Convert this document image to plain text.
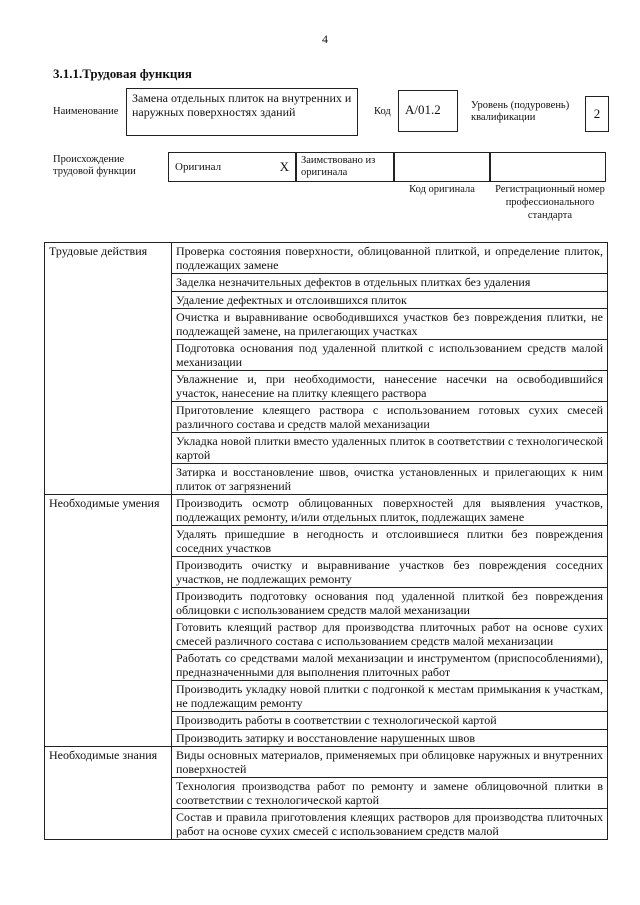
4
3.1.1.Трудовая функция
Наименование
Замена отдельных плиток на внутренних и наружных поверхностях зданий	Код	А/01.2	Уровень (подуровень) квалификации	2
Происхождение трудовой функции	Оригинал	Х	Заимствовано из оригинала
Код оригинала	Регистрационный номер профессионального стандарта
Трудовые действия	Проверка состояния поверхности, облицованной плиткой, и определение плиток, подлежащих замене
	Заделка незначительных дефектов в отдельных плитках без удаления
	Удаление дефектных и отслоившихся плиток
	Очистка и выравнивание освободившихся участков без повреждения плитки, не подлежащей замене, на прилегающих участках
	Подготовка основания под удаленной плиткой с использованием средств малой механизации
	Увлажнение и, при необходимости, нанесение насечки на освободившийся участок, нанесение на плитку клеящего раствора
	Приготовление клеящего раствора с использованием готовых сухих смесей различного состава и средств малой механизации
	Укладка новой плитки вместо удаленных плиток в соответствии с технологической картой
	Затирка и восстановление швов, очистка установленных и прилегающих к ним плиток от загрязнений
Необходимые умения	Производить осмотр облицованных поверхностей для выявления участков, подлежащих ремонту, и/или отдельных плиток, подлежащих замене
	Удалять пришедшие в негодность и отслоившиеся плитки без повреждения соседних участков
	Производить очистку и выравнивание участков без повреждения соседних участков, не подлежащих ремонту
	Производить подготовку основания под удаленной плиткой без повреждения облицовки с использованием средств малой механизации
	Готовить клеящий раствор для производства плиточных работ на основе сухих смесей различного состава с использованием средств малой механизации
	Работать со средствами малой механизации и инструментом (приспособлениями), предназначенными для выполнения плиточных работ
	Производить укладку новой плитки с подгонкой к местам примыкания к участкам, не подлежащим ремонту
	Производить работы в соответствии с технологической картой
	Производить затирку и восстановление нарушенных швов
Необходимые знания	Виды основных материалов, применяемых при облицовке наружных и внутренних поверхностей
	Технология производства работ по ремонту и замене облицовочной плитки в соответствии с технологической картой
	Состав и правила приготовления клеящих растворов для производства плиточных работ на основе сухих смесей с использованием средств малой
